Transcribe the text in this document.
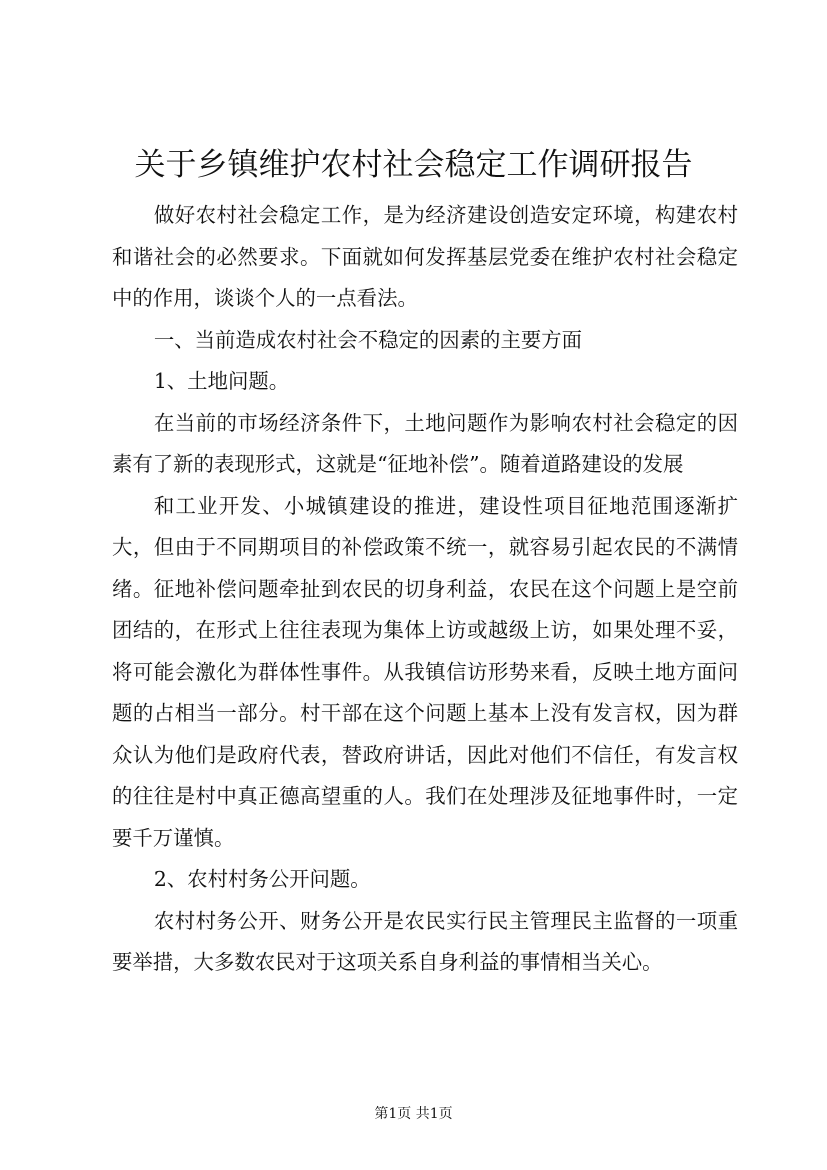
关于乡镇维护农村社会稳定工作调研报告

做好农村社会稳定工作，是为经济建设创造安定环境，构建农村和谐社会的必然要求。下面就如何发挥基层党委在维护农村社会稳定中的作用，谈谈个人的一点看法。

一、当前造成农村社会不稳定的因素的主要方面

1、土地问题。

在当前的市场经济条件下，土地问题作为影响农村社会稳定的因素有了新的表现形式，这就是“征地补偿”。随着道路建设的发展

和工业开发、小城镇建设的推进，建设性项目征地范围逐渐扩大，但由于不同期项目的补偿政策不统一，就容易引起农民的不满情绪。征地补偿问题牵扯到农民的切身利益，农民在这个问题上是空前团结的，在形式上往往表现为集体上访或越级上访，如果处理不妥，将可能会激化为群体性事件。从我镇信访形势来看，反映土地方面问题的占相当一部分。村干部在这个问题上基本上没有发言权，因为群众认为他们是政府代表，替政府讲话，因此对他们不信任，有发言权的往往是村中真正德高望重的人。我们在处理涉及征地事件时，一定要千万谨慎。

2、农村村务公开问题。

农村村务公开、财务公开是农民实行民主管理民主监督的一项重要举措，大多数农民对于这项关系自身利益的事情相当关心。

第1页 共1页
